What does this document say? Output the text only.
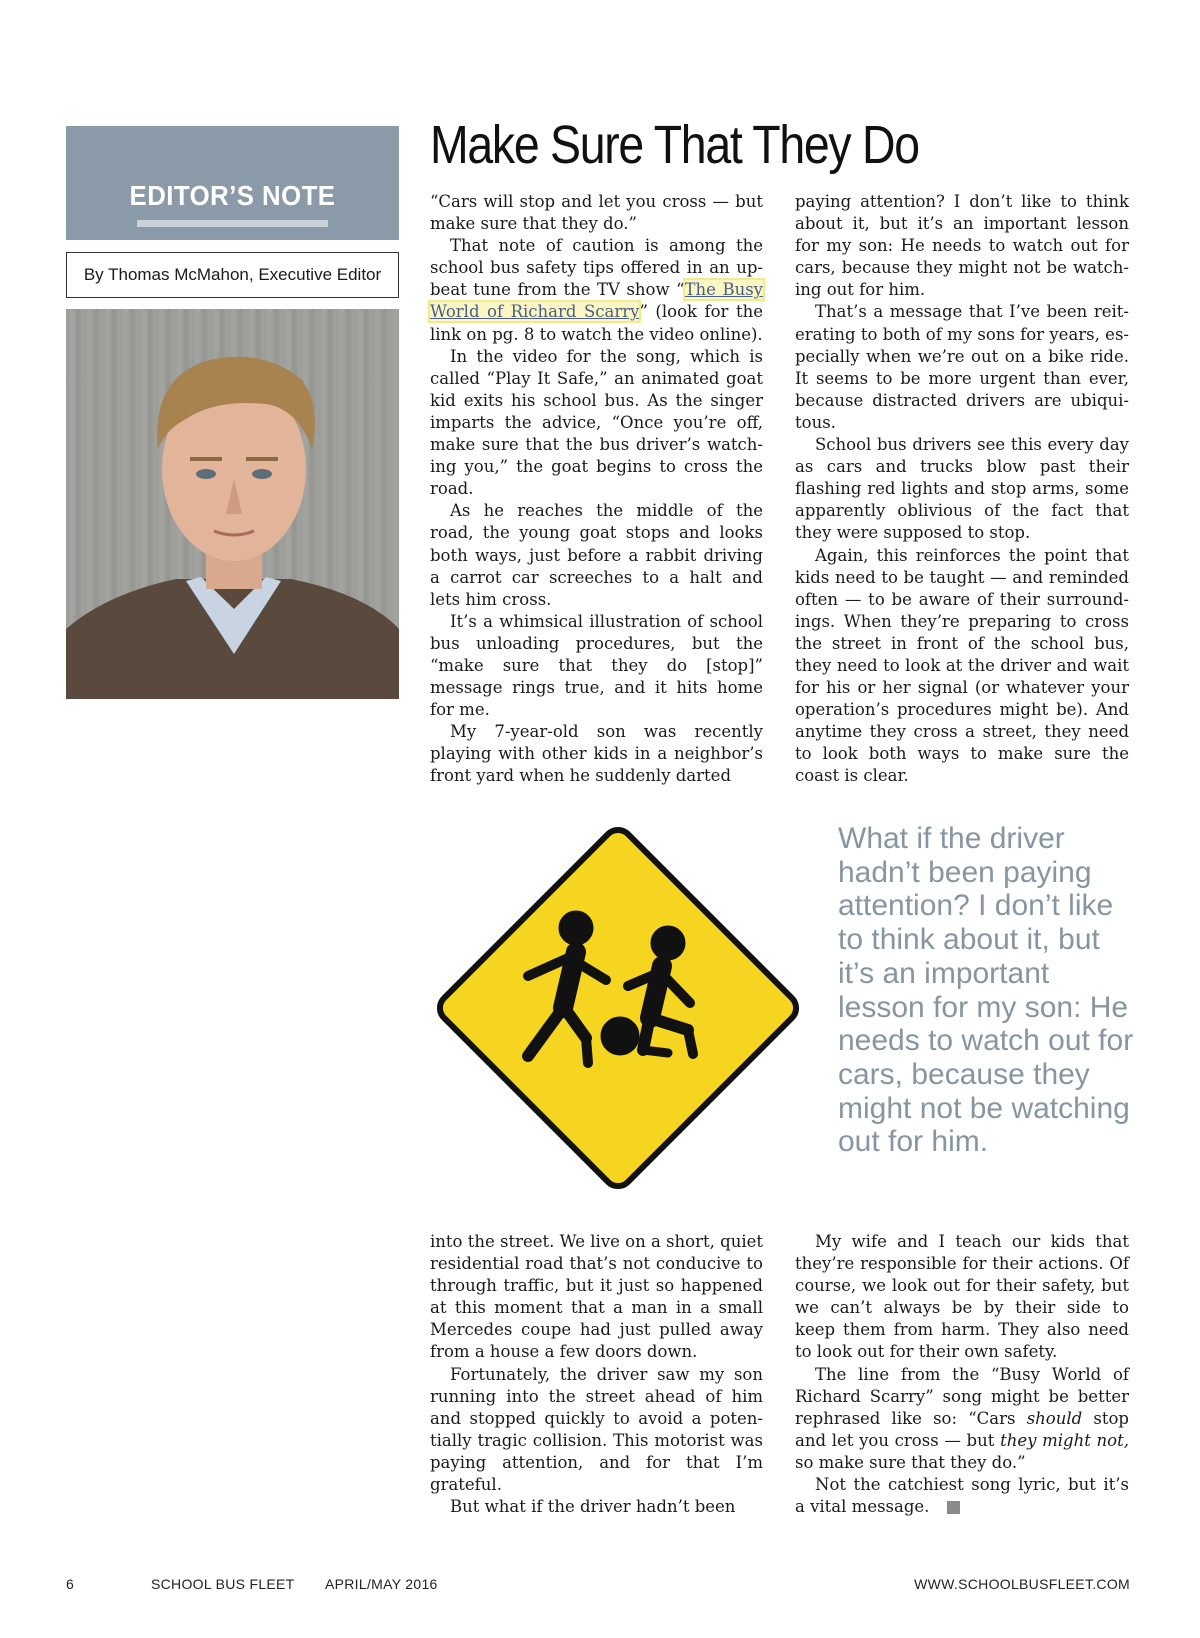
EDITOR’S NOTE
By Thomas McMahon, Executive Editor
Make Sure That They Do

“Cars will stop and let you cross — but make sure that they do.”

That note of caution is among the school bus safety tips offered in an upbeat tune from the TV show “The Busy World of Richard Scarry” (look for the link on pg. 8 to watch the video online).

In the video for the song, which is called “Play It Safe,” an animated goat kid exits his school bus. As the singer imparts the advice, “Once you’re off, make sure that the bus driver’s watching you,” the goat begins to cross the road.

As he reaches the middle of the road, the young goat stops and looks both ways, just before a rabbit driving a carrot car screeches to a halt and lets him cross.

It’s a whimsical illustration of school bus unloading procedures, but the “make sure that they do [stop]” message rings true, and it hits home for me.

My 7-year-old son was recently playing with other kids in a neighbor’s front yard when he suddenly darted

paying attention? I don’t like to think about it, but it’s an important lesson for my son: He needs to watch out for cars, because they might not be watching out for him.

That’s a message that I’ve been reiterating to both of my sons for years, especially when we’re out on a bike ride. It seems to be more urgent than ever, because distracted drivers are ubiquitous.

School bus drivers see this every day as cars and trucks blow past their flashing red lights and stop arms, some apparently oblivious of the fact that they were supposed to stop.

Again, this reinforces the point that kids need to be taught — and reminded often — to be aware of their surroundings. When they’re preparing to cross the street in front of the school bus, they need to look at the driver and wait for his or her signal (or whatever your operation’s procedures might be). And anytime they cross a street, they need to look both ways to make sure the coast is clear.

What if the driver hadn’t been paying attention? I don’t like to think about it, but it’s an important lesson for my son: He needs to watch out for cars, because they might not be watching out for him.

into the street. We live on a short, quiet residential road that’s not conducive to through traffic, but it just so happened at this moment that a man in a small Mercedes coupe had just pulled away from a house a few doors down.

Fortunately, the driver saw my son running into the street ahead of him and stopped quickly to avoid a potentially tragic collision. This motorist was paying attention, and for that I’m grateful.

But what if the driver hadn’t been

My wife and I teach our kids that they’re responsible for their actions. Of course, we look out for their safety, but we can’t always be by their side to keep them from harm. They also need to look out for their own safety.

The line from the “Busy World of Richard Scarry” song might be better rephrased like so: “Cars should stop and let you cross — but they might not, so make sure that they do.”

Not the catchiest song lyric, but it’s a vital message.

6	SCHOOL BUS FLEET APRIL/MAY 2016	WWW.SCHOOLBUSFLEET.COM
